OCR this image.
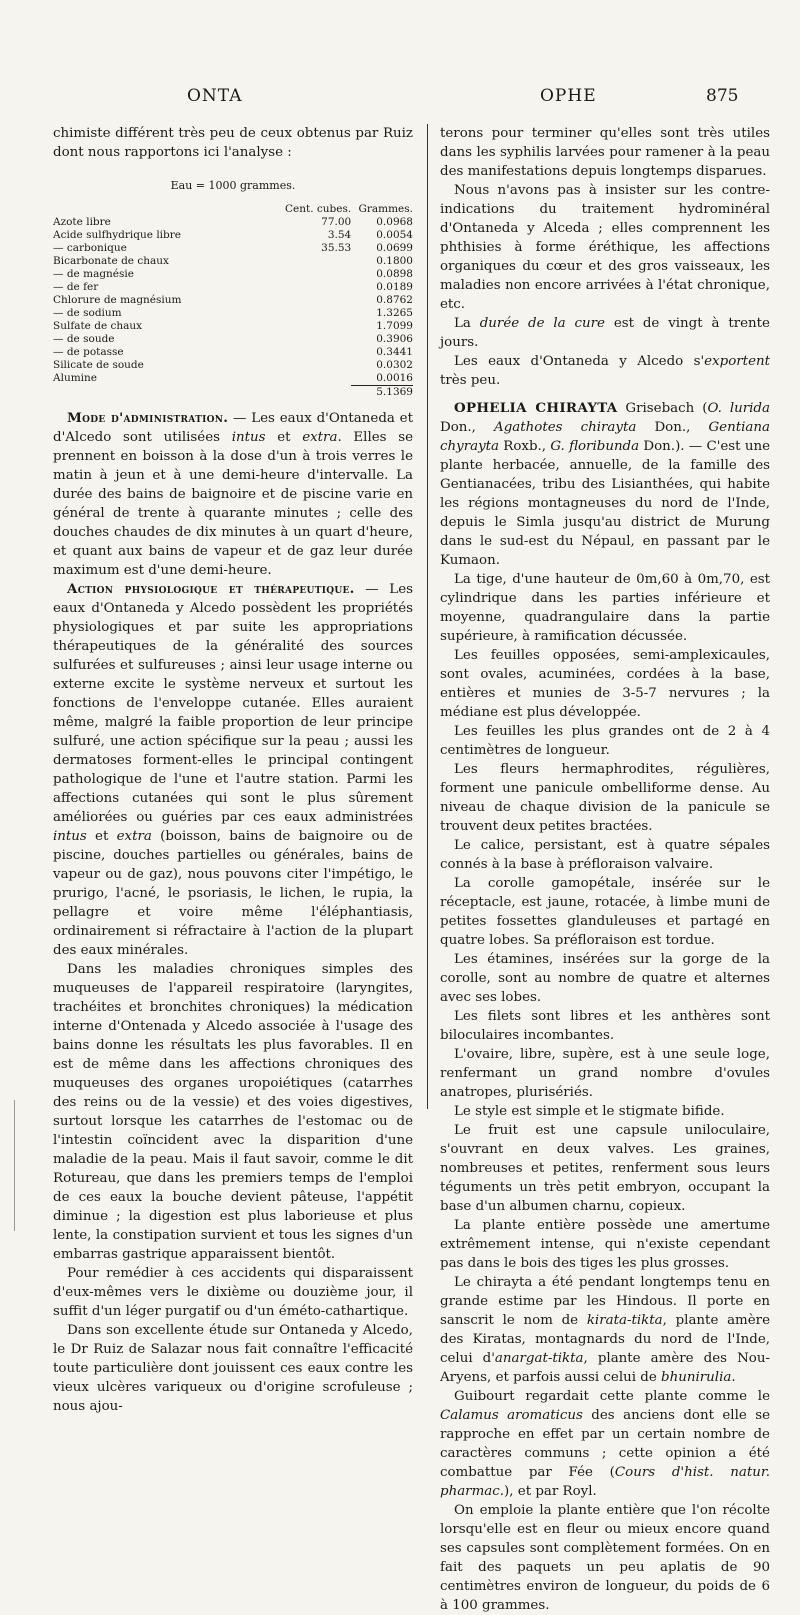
ONTA	OPHE	875

chimiste différent très peu de ceux obtenus par Ruiz dont nous rapportons ici l'analyse :

Eau = 1000 grammes.
	Cent. cubes.	Grammes.
Azote libre	77.00	0.0968
Acide sulfhydrique libre	3.54	0.0054
— carbonique	35.53	0.0699
Bicarbonate de chaux		0.1800
— de magnésie		0.0898
— de fer		0.0189
Chlorure de magnésium		0.8762
— de sodium		1.3265
Sulfate de chaux		1.7099
— de soude		0.3906
— de potasse		0.3441
Silicate de soude		0.0302
Alumine		0.0016
		5.1369

Mode d'administration. — Les eaux d'Ontaneda et d'Alcedo sont utilisées intus et extra. Elles se prennent en boisson à la dose d'un à trois verres le matin à jeun et à une demi-heure d'intervalle. La durée des bains de baignoire et de piscine varie en général de trente à quarante minutes ; celle des douches chaudes de dix minutes à un quart d'heure, et quant aux bains de vapeur et de gaz leur durée maximum est d'une demi-heure.

Action physiologique et thérapeutique. — Les eaux d'Ontaneda y Alcedo possèdent les propriétés physiologiques et par suite les appropriations thérapeutiques de la généralité des sources sulfurées et sulfureuses ; ainsi leur usage interne ou externe excite le système nerveux et surtout les fonctions de l'enveloppe cutanée. Elles auraient même, malgré la faible proportion de leur principe sulfuré, une action spécifique sur la peau ; aussi les dermatoses forment-elles le principal contingent pathologique de l'une et l'autre station. Parmi les affections cutanées qui sont le plus sûrement améliorées ou guéries par ces eaux administrées intus et extra (boisson, bains de baignoire ou de piscine, douches partielles ou générales, bains de vapeur ou de gaz), nous pouvons citer l'impétigo, le prurigo, l'acné, le psoriasis, le lichen, le rupia, la pellagre et voire même l'éléphantiasis, ordinairement si réfractaire à l'action de la plupart des eaux minérales.

Dans les maladies chroniques simples des muqueuses de l'appareil respiratoire (laryngites, trachéites et bronchites chroniques) la médication interne d'Ontenada y Alcedo associée à l'usage des bains donne les résultats les plus favorables. Il en est de même dans les affections chroniques des muqueuses des organes uropoiétiques (catarrhes des reins ou de la vessie) et des voies digestives, surtout lorsque les catarrhes de l'estomac ou de l'intestin coïncident avec la disparition d'une maladie de la peau. Mais il faut savoir, comme le dit Rotureau, que dans les premiers temps de l'emploi de ces eaux la bouche devient pâteuse, l'appétit diminue ; la digestion est plus laborieuse et plus lente, la constipation survient et tous les signes d'un embarras gastrique apparaissent bientôt.

Pour remédier à ces accidents qui disparaissent d'eux-mêmes vers le dixième ou douzième jour, il suffit d'un léger purgatif ou d'un éméto-cathartique.

Dans son excellente étude sur Ontaneda y Alcedo, le Dr Ruiz de Salazar nous fait connaître l'efficacité toute particulière dont jouissent ces eaux contre les vieux ulcères variqueux ou d'origine scrofuleuse ; nous ajou-

terons pour terminer qu'elles sont très utiles dans les syphilis larvées pour ramener à la peau des manifestations depuis longtemps disparues.

Nous n'avons pas à insister sur les contre-indications du traitement hydrominéral d'Ontaneda y Alceda ; elles comprennent les phthisies à forme éréthique, les affections organiques du cœur et des gros vaisseaux, les maladies non encore arrivées à l'état chronique, etc.

La durée de la cure est de vingt à trente jours.

Les eaux d'Ontaneda y Alcedo s'exportent très peu.

OPHELIA CHIRAYTA Grisebach (O. lurida Don., Agathotes chirayta Don., Gentiana chyrayta Roxb., G. floribunda Don.). — C'est une plante herbacée, annuelle, de la famille des Gentianacées, tribu des Lisianthées, qui habite les régions montagneuses du nord de l'Inde, depuis le Simla jusqu'au district de Murung dans le sud-est du Népaul, en passant par le Kumaon.

La tige, d'une hauteur de 0m,60 à 0m,70, est cylindrique dans les parties inférieure et moyenne, quadrangulaire dans la partie supérieure, à ramification décussée.

Les feuilles opposées, semi-amplexicaules, sont ovales, acuminées, cordées à la base, entières et munies de 3-5-7 nervures ; la médiane est plus développée.

Les feuilles les plus grandes ont de 2 à 4 centimètres de longueur.

Les fleurs hermaphrodites, régulières, forment une panicule ombelliforme dense. Au niveau de chaque division de la panicule se trouvent deux petites bractées.

Le calice, persistant, est à quatre sépales connés à la base à préfloraison valvaire.

La corolle gamopétale, insérée sur le réceptacle, est jaune, rotacée, à limbe muni de petites fossettes glanduleuses et partagé en quatre lobes. Sa préfloraison est tordue.

Les étamines, insérées sur la gorge de la corolle, sont au nombre de quatre et alternes avec ses lobes.

Les filets sont libres et les anthères sont biloculaires incombantes.

L'ovaire, libre, supère, est à une seule loge, renfermant un grand nombre d'ovules anatropes, plurisériés.

Le style est simple et le stigmate bifide.

Le fruit est une capsule uniloculaire, s'ouvrant en deux valves. Les graines, nombreuses et petites, renferment sous leurs téguments un très petit embryon, occupant la base d'un albumen charnu, copieux.

La plante entière possède une amertume extrêmement intense, qui n'existe cependant pas dans le bois des tiges les plus grosses.

Le chirayta a été pendant longtemps tenu en grande estime par les Hindous. Il porte en sanscrit le nom de kirata-tikta, plante amère des Kiratas, montagnards du nord de l'Inde, celui d'anargat-tikta, plante amère des Nou-Aryens, et parfois aussi celui de bhunirulia.

Guibourt regardait cette plante comme le Calamus aromaticus des anciens dont elle se rapproche en effet par un certain nombre de caractères communs ; cette opinion a été combattue par Fée (Cours d'hist. natur. pharmac.), et par Royl.

On emploie la plante entière que l'on récolte lorsqu'elle est en fleur ou mieux encore quand ses capsules sont complètement formées. On en fait des paquets un peu aplatis de 90 centimètres environ de longueur, du poids de 6 à 100 grammes.
